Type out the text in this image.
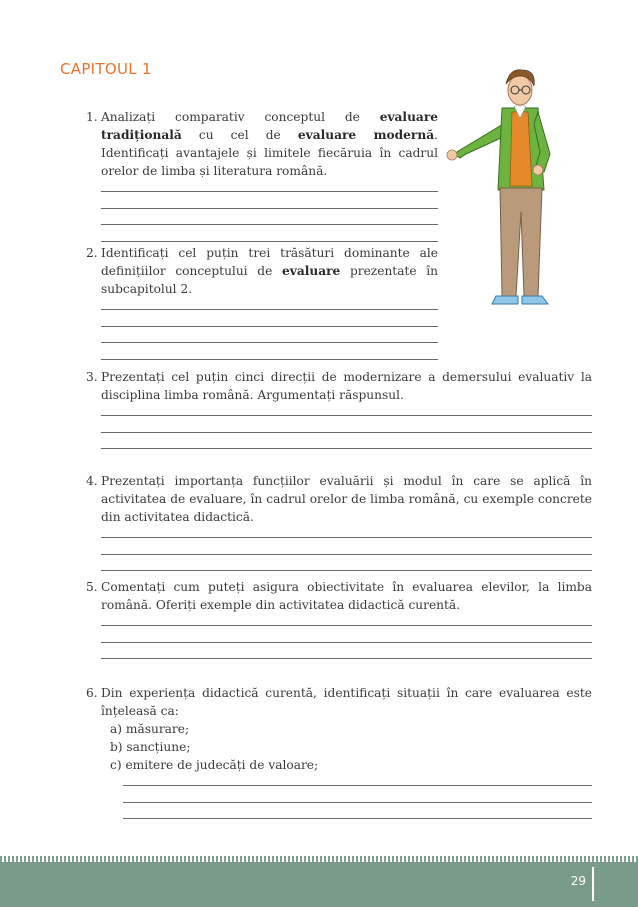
CAPITOUL 1
1. Analizați comparativ conceptul de evaluare tradițională cu cel de evaluare modernă. Identificați avantajele și limitele fiecăruia în cadrul orelor de limba și literatura română.
2. Identificați cel puțin trei trăsături dominante ale definițiilor conceptului de evaluare prezentate în subcapitolul 2.
3. Prezentați cel puțin cinci direcții de modernizare a demersului evaluativ la disciplina limba română. Argumentați răspunsul.
4. Prezentați importanța funcțiilor evaluării și modul în care se aplică în activitatea de evaluare, în cadrul orelor de limba română, cu exemple concrete din activitatea didactică.
5. Comentați cum puteți asigura obiectivitate în evaluarea elevilor, la limba română. Oferiți exemple din activitatea didactică curentă.
6. Din experiența didactică curentă, identificați situații în care evaluarea este înțeleasă ca:
a) măsurare;
b) sancțiune;
c) emitere de judecăți de valoare;
29
